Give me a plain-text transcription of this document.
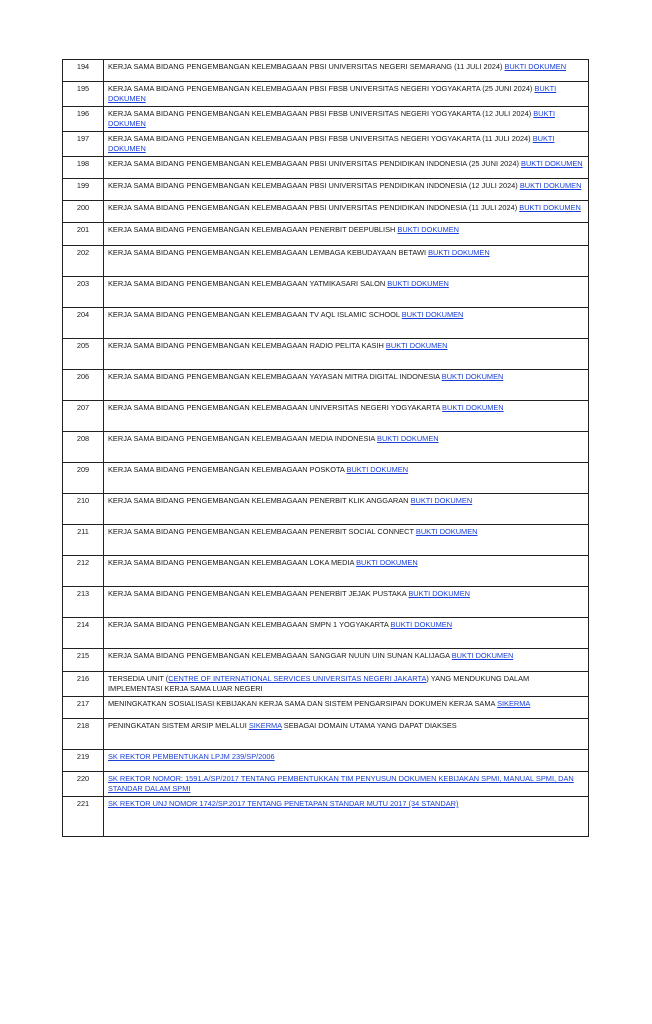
194	KERJA SAMA BIDANG PENGEMBANGAN KELEMBAGAAN PBSI UNIVERSITAS NEGERI SEMARANG (11 JULI 2024) BUKTI DOKUMEN
195	KERJA SAMA BIDANG PENGEMBANGAN KELEMBAGAAN PBSI FBSB UNIVERSITAS NEGERI YOGYAKARTA (25 JUNI 2024) BUKTI DOKUMEN
196	KERJA SAMA BIDANG PENGEMBANGAN KELEMBAGAAN PBSI FBSB UNIVERSITAS NEGERI YOGYAKARTA (12 JULI 2024) BUKTI DOKUMEN
197	KERJA SAMA BIDANG PENGEMBANGAN KELEMBAGAAN PBSI FBSB UNIVERSITAS NEGERI YOGYAKARTA (11 JULI 2024) BUKTI DOKUMEN
198	KERJA SAMA BIDANG PENGEMBANGAN KELEMBAGAAN PBSI UNIVERSITAS PENDIDIKAN INDONESIA (25 JUNI 2024) BUKTI DOKUMEN
199	KERJA SAMA BIDANG PENGEMBANGAN KELEMBAGAAN PBSI UNIVERSITAS PENDIDIKAN INDONESIA (12 JULI 2024) BUKTI DOKUMEN
200	KERJA SAMA BIDANG PENGEMBANGAN KELEMBAGAAN PBSI UNIVERSITAS PENDIDIKAN INDONESIA (11 JULI 2024) BUKTI DOKUMEN
201	KERJA SAMA BIDANG PENGEMBANGAN KELEMBAGAAN PENERBIT DEEPUBLISH BUKTI DOKUMEN
202	KERJA SAMA BIDANG PENGEMBANGAN KELEMBAGAAN LEMBAGA KEBUDAYAAN BETAWI BUKTI DOKUMEN
203	KERJA SAMA BIDANG PENGEMBANGAN KELEMBAGAAN YATMIKASARI SALON BUKTI DOKUMEN
204	KERJA SAMA BIDANG PENGEMBANGAN KELEMBAGAAN TV AQL ISLAMIC SCHOOL BUKTI DOKUMEN
205	KERJA SAMA BIDANG PENGEMBANGAN KELEMBAGAAN RADIO PELITA KASIH BUKTI DOKUMEN
206	KERJA SAMA BIDANG PENGEMBANGAN KELEMBAGAAN YAYASAN MITRA DIGITAL INDONESIA BUKTI DOKUMEN
207	KERJA SAMA BIDANG PENGEMBANGAN KELEMBAGAAN UNIVERSITAS NEGERI YOGYAKARTA BUKTI DOKUMEN
208	KERJA SAMA BIDANG PENGEMBANGAN KELEMBAGAAN MEDIA INDONESIA BUKTI DOKUMEN
209	KERJA SAMA BIDANG PENGEMBANGAN KELEMBAGAAN POSKOTA BUKTI DOKUMEN
210	KERJA SAMA BIDANG PENGEMBANGAN KELEMBAGAAN PENERBIT KLIK ANGGARAN BUKTI DOKUMEN
211	KERJA SAMA BIDANG PENGEMBANGAN KELEMBAGAAN PENERBIT SOCIAL CONNECT BUKTI DOKUMEN
212	KERJA SAMA BIDANG PENGEMBANGAN KELEMBAGAAN LOKA MEDIA BUKTI DOKUMEN
213	KERJA SAMA BIDANG PENGEMBANGAN KELEMBAGAAN PENERBIT JEJAK PUSTAKA BUKTI DOKUMEN
214	KERJA SAMA BIDANG PENGEMBANGAN KELEMBAGAAN SMPN 1 YOGYAKARTA BUKTI DOKUMEN
215	KERJA SAMA BIDANG PENGEMBANGAN KELEMBAGAAN SANGGAR NUUN UIN SUNAN KALIJAGA BUKTI DOKUMEN
216	TERSEDIA UNIT (CENTRE OF INTERNATIONAL SERVICES UNIVERSITAS NEGERI JAKARTA) YANG MENDUKUNG DALAM IMPLEMENTASI KERJA SAMA LUAR NEGERI
217	MENINGKATKAN SOSIALISASI KEBIJAKAN KERJA SAMA DAN SISTEM PENGARSIPAN DOKUMEN KERJA SAMA SIKERMA
218	PENINGKATAN SISTEM ARSIP MELALUI SIKERMA SEBAGAI DOMAIN UTAMA YANG DAPAT DIAKSES
219	SK REKTOR PEMBENTUKAN LPJM 239/SP/2006
220	SK REKTOR NOMOR: 1591.A/SP/2017 TENTANG PEMBENTUKKAN TIM PENYUSUN DOKUMEN KEBIJAKAN SPMI, MANUAL SPMI, DAN STANDAR DALAM SPMI
221	SK REKTOR UNJ NOMOR 1742/SP.2017 TENTANG PENETAPAN STANDAR MUTU 2017 (34 STANDAR)
